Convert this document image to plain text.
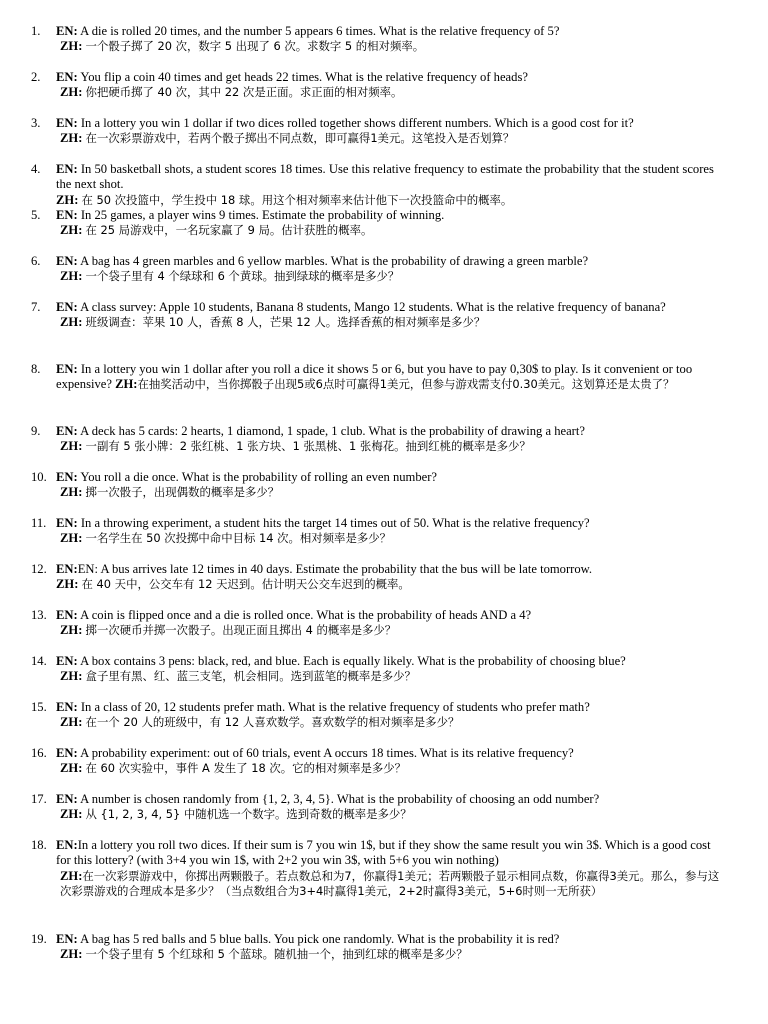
1.	EN: A die is rolled 20 times, and the number 5 appears 6 times. What is the relative frequency of 5?
ZH: 一个骰子掷了 20 次，数字 5 出现了 6 次。求数字 5 的相对频率。
2.	EN: You flip a coin 40 times and get heads 22 times. What is the relative frequency of heads?
ZH: 你把硬币掷了 40 次，其中 22 次是正面。求正面的相对频率。
3.	EN: In a lottery you win 1 dollar if two dices rolled together shows different numbers. Which is a good cost for it?
ZH: 在一次彩票游戏中，若两个骰子掷出不同点数，即可赢得1美元。这笔投入是否划算？
4.	EN: In 50 basketball shots, a student scores 18 times. Use this relative frequency to estimate the probability that the student scores the next shot.
ZH: 在 50 次投篮中，学生投中 18 球。用这个相对频率来估计他下一次投篮命中的概率。
5.	EN: In 25 games, a player wins 9 times. Estimate the probability of winning.
ZH: 在 25 局游戏中，一名玩家赢了 9 局。估计获胜的概率。
6.	EN: A bag has 4 green marbles and 6 yellow marbles. What is the probability of drawing a green marble?
ZH: 一个袋子里有 4 个绿球和 6 个黄球。抽到绿球的概率是多少？
7.	EN: A class survey: Apple 10 students, Banana 8 students, Mango 12 students. What is the relative frequency of banana?
ZH: 班级调查：苹果 10 人，香蕉 8 人，芒果 12 人。选择香蕉的相对频率是多少？
8.	EN: In a lottery you win 1 dollar after you roll a dice it shows 5 or 6, but you have to pay 0,30$ to play. Is it convenient or too expensive? ZH:在抽奖活动中，当你掷骰子出现5或6点时可赢得1美元，但参与游戏需支付0.30美元。这划算还是太贵了？
9.	EN: A deck has 5 cards: 2 hearts, 1 diamond, 1 spade, 1 club. What is the probability of drawing a heart?
ZH: 一副有 5 张小牌：2 张红桃、1 张方块、1 张黑桃、1 张梅花。抽到红桃的概率是多少？
10. EN: You roll a die once. What is the probability of rolling an even number?
ZH: 掷一次骰子，出现偶数的概率是多少？
11. EN: In a throwing experiment, a student hits the target 14 times out of 50. What is the relative frequency?
ZH: 一名学生在 50 次投掷中命中目标 14 次。相对频率是多少？
12. EN:EN: A bus arrives late 12 times in 40 days. Estimate the probability that the bus will be late tomorrow.
ZH: 在 40 天中，公交车有 12 天迟到。估计明天公交车迟到的概率。
13. EN: A coin is flipped once and a die is rolled once. What is the probability of heads AND a 4?
ZH: 掷一次硬币并掷一次骰子。出现正面且掷出 4 的概率是多少？
14. EN: A box contains 3 pens: black, red, and blue. Each is equally likely. What is the probability of choosing blue?
ZH: 盒子里有黑、红、蓝三支笔，机会相同。选到蓝笔的概率是多少？
15. EN: In a class of 20, 12 students prefer math. What is the relative frequency of students who prefer math?
ZH: 在一个 20 人的班级中，有 12 人喜欢数学。喜欢数学的相对频率是多少？
16. EN: A probability experiment: out of 60 trials, event A occurs 18 times. What is its relative frequency?
ZH: 在 60 次实验中，事件 A 发生了 18 次。它的相对频率是多少？
17. EN: A number is chosen randomly from {1, 2, 3, 4, 5}. What is the probability of choosing an odd number?
ZH: 从 {1, 2, 3, 4, 5} 中随机选一个数字。选到奇数的概率是多少？
18. EN:In a lottery you roll two dices. If their sum is 7 you win 1$, but if they show the same result you win 3$. Which is a good cost for this lottery? (with 3+4 you win 1$, with 2+2 you win 3$, with 5+6 you win nothing)
ZH:在一次彩票游戏中，你掷出两颗骰子。若点数总和为7，你赢得1美元；若两颗骰子显示相同点数，你赢得3美元。那么，参与这次彩票游戏的合理成本是多少？（当点数组合为3+4时赢得1美元，2+2时赢得3美元，5+6时则一无所获）
19. EN: A bag has 5 red balls and 5 blue balls. You pick one randomly. What is the probability it is red?
ZH: 一个袋子里有 5 个红球和 5 个蓝球。随机抽一个，抽到红球的概率是多少？
